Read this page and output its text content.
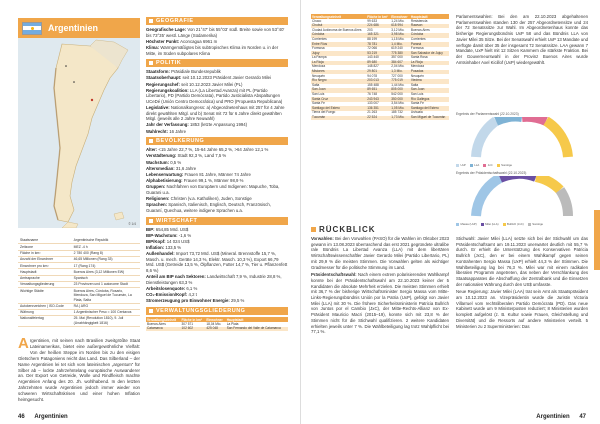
Argentinien
© 1/4
Staatsname	Argentinische Republik
Zeitzone	MEZ -4 h
Fläche in km²	2 780 400 (Rang 8)
Anzahl der Einwohner	46,65 Millionen (Rang 33)
Einwohner pro km²	17 (Rang 174)
Hauptstadt	Buenos Aires (3,12 Millionen EW)
Amtssprache	Spanisch
Verwaltungsgliederung	23 Provinzen und 1 autonome Stadt
Wichtige Städte	Buenos Aires, Córdoba, Rosario, Mendoza, San Miguel de Tucumán, La Plata, Salta
Autokennzeichen | ISO-Code	RA | ARG
Währung	1 Argentinischer Peso = 100 Centavos
Nationalfeiertag	25. Mai (Revolution 1810), 9. Juli (Unabhängigkeit 1816)

Argentinien, mit seinen nach Brasilien zweitgrößte Staat Lateinamerikas, bietet eine außergewöhnliche Vielfalt: Von der heißen Steppe im Norden bis zu den eisigen Gletschern Patagoniens reicht das Land. Das Silberland – der Name Argentinien lei tet sich vom lateinischen „argentum“ für Silber ab – lockte Jahrzehntelang europäische Auswanderer an. Der Export von Getreide, Wolle und Rindfleisch machte Argentinien Anfang des 20. Jh. wohlhabend. In den letzten Jahrzehnten wurde Argentinien jedoch immer wieder von schweren Wirtschaftskrisen und einer hohen Inflation heimgesucht.

GEOGRAFIE
Geografische Lage: Von 21°47' bis 55°03' südl. Breite sowie von 53°40' bis 73°35' westl. Länge (Südamerika)
Höchster Punkt: Aconcagua 6961 m
Klima: Warmgemäßigtes bis subtropisches Klima im Norden u. in der Mitte, im Süden subpolares Klima
POLITIK
Staatsform: Präsidiale Bundesrepublik
Staatsoberhaupt: seit 10.12.2023 Präsident Javier Gerardo Milei
Regierungschef: seit 10.12.2023 Javier Milei (PL)
Regierungskoalition: LLA (La Libertad Avanza) mit PL (Partido Libertario), PD (Partido Demócrata), Partido Justicialista Abspaltungen UCeDé (Unión Centro Democrática) und PRO (Propuesta Republicana)
Legislative: Nationalkongress: a) Abgeordnetenhaus mit 257 für 4 Jahre direkt gewählten Mitgl. und b) Senat mit 72 für 6 Jahre direkt gewählten Mitgl. (jeweils alle 2 Jahre Neuwahl)
Jahr der Verfassung: 1853 (letzte Anpassung 1994)
Wahlrecht: 16 Jahre
BEVÖLKERUNG
Alter: <15 Jahre 22,7 %, 15-64 Jahre 65,2 %, >64 Jahre 12,1 %
Verstädterung: Stadt 92,3 %, Land 7,5 %
Wachstum: 0,5 %
Altersmedian: 31,6 Jahre
Lebenserwartung: Frauen 81 Jahre, Männer 74 Jahre
Alphabetisierung: Frauen 99,1 %, Männer 98,9 %
Gruppen: Nachfahren von Europäern und Indigenen: Mapuche, Toba, Guarani u.a.
Religionen: Christen (v.a. Katholiken), Juden, Sonstige
Sprachen: Spanisch, Italienisch, Englisch, Deutsch, Französisch, Guaraní, Quechua, weitere indigene Sprachen u.a.
WIRTSCHAFT
BIP: 654,85 Mrd. US$
BIP-Wachstum: -1,6 %
BIP/Kopf: 14 024 US$
Inflation: 133,5 %
Außenhandel: Import 73,72 Mrd. US$ (Mineral. Brennstoffe 15,7 %, Masch. u. mech. Geräte 14,3 %, Elektr. Masch. 10,3 %), Export 66,79 Mrd. US$ (Getreide 13,5 %, Ölpflanzen, Futter 14,7 %, Tier u. Pflanzenfett 8,6 %)
Anteil am BIP nach Sektoren: Landwirtschaft 7,9 %, Industrie 28,8 %, Dienstleistungen 63,3 %
Arbeitslosenquote: 6,1 %
CO₂-Emission/Kopf: 4,2 t
Stromerzeugung pro Einwohner Energie: 29,5 %
VERWALTUNGSGLIEDERUNG
Verwaltungseinheit	Fläche in km²	Einwohner	Hauptstadt
Buenos Aires	307 571	18,04 Mio.	La Plata
Catamarca	102 602	425 048	San Fernando del Valle de Catamarca
46 Argentinien
Verwaltungseinheit	Fläche in km²	Einwohner	Hauptstadt
Chaco	99 633	1,24 Mio.	Resistencia
Chubut	224 686	618 994	Rawson
Ciudad Autónoma de Buenos Aires	203	3,12 Mio.	Buenos Aires
Córdoba	165 321	3,98 Mio.	Córdoba
Corrientes	88 199	1,15 Mio.	Corrientes
Entre Ríos	78 781	1,4 Mio.	Paraná
Formosa	72 066	619 240	Formosa
Jujuy	53 219	775 380	San Salvador de Jujuy
La Pampa	143 440	357 000	Santa Rosa
La Rioja	89 680	384 607	La Rioja
Mendoza	148 827	2,04 Mio.	Mendoza
Misiones	29 801	1,3 Mio.	Posadas
Neuquén	94 078	727 000	Neuquén
Río Negro	203 013	775 019	Viedma
Salta	155 488	1,44 Mio.	Salta
San Juan	89 651	805 000	San Juan
San Luis	76 748	542 000	San Luis
Santa Cruz	243 943	350 000	Río Gallegos
Santa Fe	133 007	3,54 Mio.	Santa Fe
Santiago del Estero	136 351	1,05 Mio.	Santiago del Estero
Tierra del Fuego	21 263	185 732	Ushuaia
Tucumán	22 524	1,73 Mio.	San Miguel de Tucumán
RÜCKBLICK

Vorwahlen: Bei den Vorwahlen (PASO) für die Wahlen im Oktober 2023 gewann im 13.08.2023 überraschend das erst 2021 gegründete ultralibe rale Bündnis La Libertad Avanza (LLA) mit dem libertären Wirtschaftswissenschaftler Javier Gerardo Milei (Partido Libertario, PL) mit 29,9 % die meisten Stimmen. Die Vorwahlen gelten als wichtiger Gradmesser für die politische Stimmung im Land.

Präsidentschaftswahl: Nach einem extrem polarisierenden Wahlkampf konnte bei der Präsidentschaftswahl am 22.10.2023 keiner der 5 Kandidaten die absolute Mehrheit erzielen. Die meisten Stimmen erhielt mit 36,7 % der bisherige Wirtschaftsminister Sergio Massa vom Mitte-Links-Regierungsbündnis Unión por la Patria (UxP), gefolgt von Javier Milei (LLA) mit 30 %. Die frühere Sicherheitsministerin Patricia Bullrich von Juntos por el Cambio (JxC), der Mitte-Rechts-Allianz von Ex-Präsident Mauricio Macri (2015–19), konnte sich mit 23,8 % der Stimmen nicht für die Stichwahl qualifizieren. 2 weitere Kandidaten erhielten jeweils unter 7 %. Die Wahlbeteiligung lag trotz Wahlpflicht bei 77,1 %.

Parlamentswahlen: Bei den am 22.10.2023 abgehaltenen Parlamentswahlen standen 130 der 257 Abgeordnetensitze und 24 der 72 Senatssitze zur Wahl. Im Abgeordnetenhaus konnte das bisherige Regierungsbündnis UxP 58 und das Bündnis LLA von Javier Milei 35 Sitze. Bei der Senatswahl erhielt UxP 13 Mandate und verfügte damit über 35 der insgesamt 72 Senatssitze. LAA gewann 7 Mandate, UxP hielt mit 12 Sitzen Kammern die stärkste Fraktion. Bei der Gouverneurswahl in der Provinz Buenos Aires wurde Amtsinhaber Axel Kicillof (UxP) wiedergewählt.

Ergebnis der Parlamentswahl (22.10.2023)
UxP	LLA	JxC	Sonstige
Ergebnis der Präsidentschaftswahl (22.10.2023)
Massa (UxP)	Milei (LLA)	Bullrich (JxC)	Sonstige

Stichwahl: Javier Milei (LLA) setzte sich bei der Stichwahl um das Präsidentschaftsamt am 19.11.2023 unerwartet deutlich mit 55,7 % durch. Er erhielt die Unterstützung des Konservativen Patricia Bullrich (JxC), den er bei einem Wahlkampf gegen seinen Kontrahenten Sergio Massa (UxP) erhielt 44,3 % der Stimmen. Die Wahlbeteiligung lag bei 76,3 %. Milei war mit einem radikalen liberalen Programm angetreten, das neben der Verschlankung des Staatsapparates die Abschaffung der Zentralbank und die Einsetzen der nationalen Währung durch den US$ umfasste.

Neue Regierung: Javier Milei (LAA) trat sein Amt als Staatspräsident am 10.12.2023 an. Vizepräsidentin wurde die Juristin Victoria Villarruel vom rechtsliberalen Partido Demócrata (PD). Das neue Kabinett wurde um 9 Ministerposten reduziert; 8 Ministerien wurden komplett aufgelöst (z. B. Kultur sowie Frauen, Gleichstellung und Diversität) und die Ressorts auf andere Ministerien verteilt. 5 Ministerien zu 2 Superministerien: Das

Argentinien 47
